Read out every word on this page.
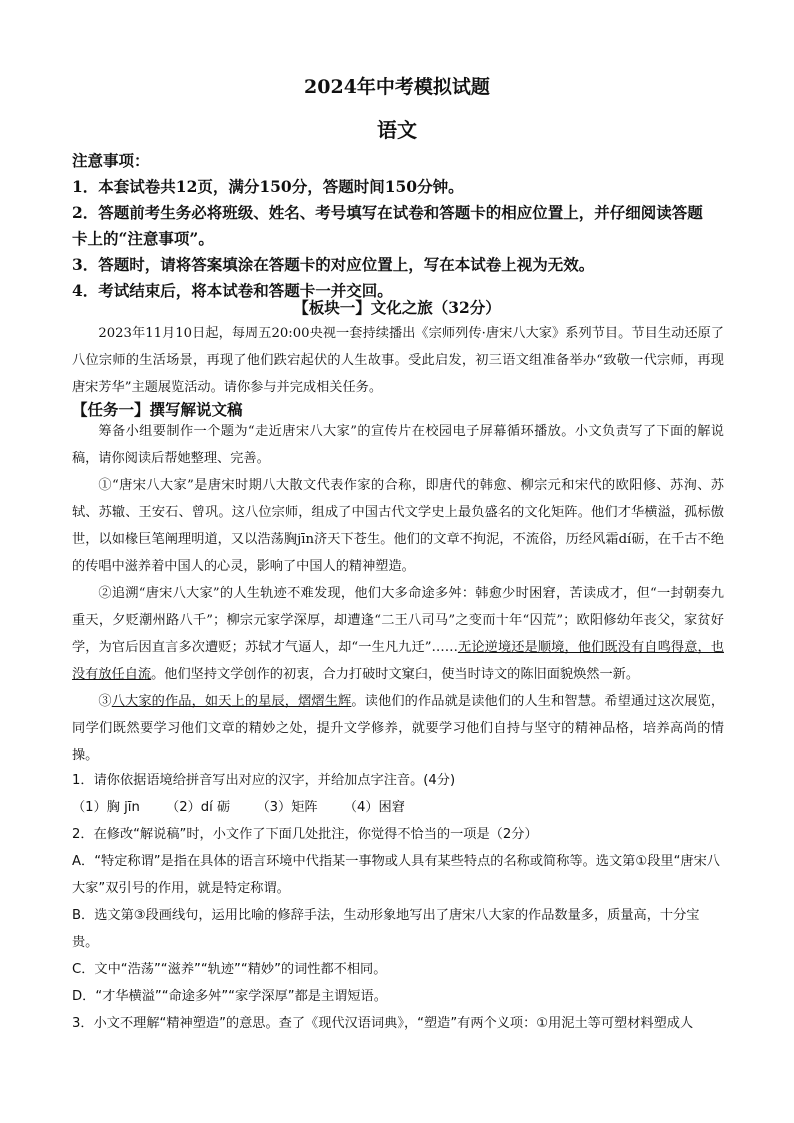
2024年中考模拟试题
语文
注意事项：
1．本套试卷共12页，满分150分，答题时间150分钟。
2．答题前考生务必将班级、姓名、考号填写在试卷和答题卡的相应位置上，并仔细阅读答题
卡上的“注意事项”。
3．答题时，请将答案填涂在答题卡的对应位置上，写在本试卷上视为无效。
4．考试结束后，将本试卷和答题卡一并交回。
【板块一】文化之旅（32分）

2023年11月10日起，每周五20:00央视一套持续播出《宗师列传·唐宋八大家》系列节目。节目生动还原了八位宗师的生活场景，再现了他们跌宕起伏的人生故事。受此启发，初三语文组准备举办“致敬一代宗师，再现唐宋芳华”主题展览活动。请你参与并完成相关任务。

【任务一】撰写解说文稿

筹备小组要制作一个题为“走近唐宋八大家”的宣传片在校园电子屏幕循环播放。小文负责写了下面的解说稿，请你阅读后帮她整理、完善。

①“唐宋八大家”是唐宋时期八大散文代表作家的合称，即唐代的韩愈、柳宗元和宋代的欧阳修、苏洵、苏轼、苏辙、王安石、曾巩。这八位宗师，组成了中国古代文学史上最负盛名的文化矩阵。他们才华横溢，孤标傲世，以如椽巨笔阐理明道，又以浩荡胸jīn济天下苍生。他们的文章不拘泥，不流俗，历经风霜dí砺，在千古不绝的传唱中滋养着中国人的心灵，影响了中国人的精神塑造。

②追溯“唐宋八大家”的人生轨迹不难发现，他们大多命途多舛：韩愈少时困窘，苦读成才，但“一封朝奏九重天，夕贬潮州路八千”；柳宗元家学深厚，却遭逢“二王八司马”之变而十年“囚荒”；欧阳修幼年丧父，家贫好学，为官后因直言多次遭贬；苏轼才气逼人，却“一生凡九迁”……无论逆境还是顺境，他们既没有自鸣得意，也没有放任自流。他们坚持文学创作的初衷，合力打破时文窠臼，使当时诗文的陈旧面貌焕然一新。

③八大家的作品，如天上的星辰，熠熠生辉。读他们的作品就是读他们的人生和智慧。希望通过这次展览，同学们既然要学习他们文章的精妙之处，提升文学修养，就要学习他们自持与坚守的精神品格，培养高尚的情操。

1．请你依据语境给拼音写出对应的汉字，并给加点字注音。(4分)
（1）胸 jīn （2）dí 砺 （3）矩阵 （4）困窘
2．在修改“解说稿”时，小文作了下面几处批注，你觉得不恰当的一项是（2分）
A．“特定称谓”是指在具体的语言环境中代指某一事物或人具有某些特点的名称或简称等。选文第①段里“唐宋八大家”双引号的作用，就是特定称谓。
B．选文第③段画线句，运用比喻的修辞手法，生动形象地写出了唐宋八大家的作品数量多，质量高，十分宝贵。
C．文中“浩荡”“滋养”“轨迹”“精妙”的词性都不相同。
D．“才华横溢”“命途多舛”“家学深厚”都是主谓短语。
3．小文不理解“精神塑造”的意思。查了《现代汉语词典》，“塑造”有两个义项：①用泥土等可塑材料塑成人
